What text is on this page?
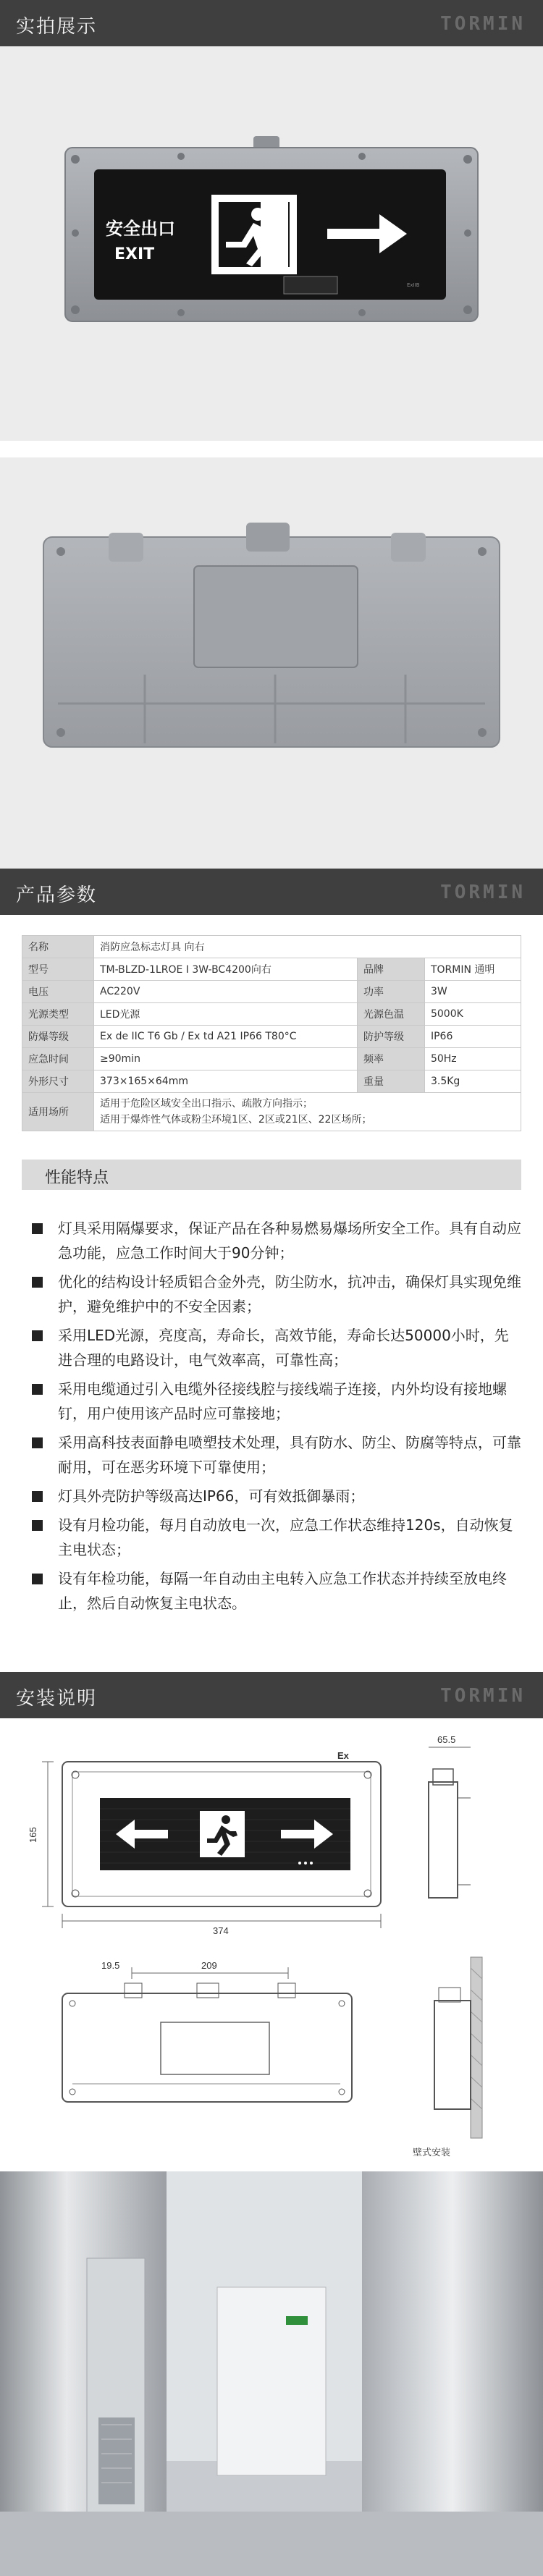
实拍展示	TORMIN
安全出口
EXIT
ExIIB
产品参数	TORMIN
名称	消防应急标志灯具 向右		
型号	TM-BLZD-1LROE I 3W-BC4200向右	品牌	TORMIN 通明
电压	AC220V	功率	3W
光源类型	LED光源	光源色温	5000K
防爆等级	Ex de IIC T6 Gb / Ex td A21 IP66 T80°C	防护等级	IP66
应急时间	≥90min	频率	50Hz
外形尺寸	373×165×64mm	重量	3.5Kg
适用场所	适用于危险区域安全出口指示、疏散方向指示；
适用于爆炸性气体或粉尘环境1区、2区或21区、22区场所；		
性能特点
灯具采用隔爆要求，保证产品在各种易燃易爆场所安全工作。具有自动应急功能，应急工作时间大于90分钟；
优化的结构设计轻质铝合金外壳，防尘防水，抗冲击，确保灯具实现免维护，避免维护中的不安全因素；
采用LED光源，亮度高，寿命长，高效节能，寿命长达50000小时，先进合理的电路设计，电气效率高，可靠性高；
采用电缆通过引入电缆外径接线腔与接线端子连接，内外均设有接地螺钉，用户使用该产品时应可靠接地；
采用高科技表面静电喷塑技术处理，具有防水、防尘、防腐等特点，可靠耐用，可在恶劣环境下可靠使用；
灯具外壳防护等级高达IP66，可有效抵御暴雨；
设有月检功能，每月自动放电一次，应急工作状态维持120s，自动恢复主电状态；
设有年检功能，每隔一年自动由主电转入应急工作状态并持续至放电终止，然后自动恢复主电状态。
安装说明	TORMIN
Ex
374
165
65.5
209
19.5
壁式安装
